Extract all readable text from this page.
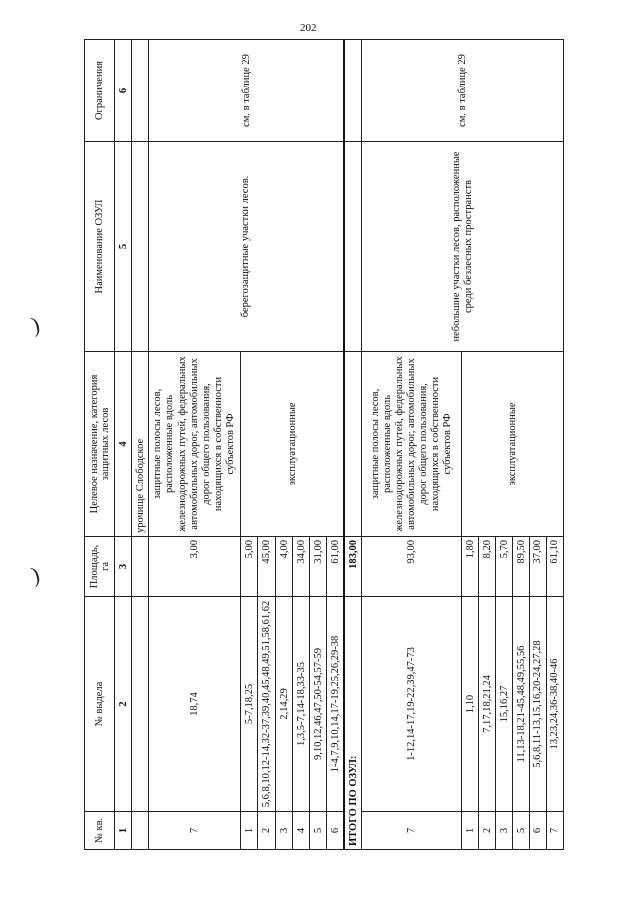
202
)
)
№ кв.	№ выдела	Площадь, га	Целевое назначение, категория защитных лесов	Наименование ОЗУЛ	Ограничения
1	2	3	4	5	6
			урочище Слободское		
7	18,74	3,00	защитные полосы лесов, расположенные вдоль железнодорожных путей, федеральных автомобильных дорог, автомобильных дорог общего пользования, находящихся в собственности субъектов РФ	берегозащитные участки лесов.	см. в таблице 29
1	5-7,18,25	5,00	эксплуатационные		
2	5,6,8,10,12-14,32-37,39,40,45,48,49,51,58,61,62	45,00			
3	2,14,29	4,00			
4	1,3,5-7,14-18,33-35	34,00			
5	9,10,12,46,47,50-54,57-59	31,00			
6	1-4,7,9,10,14,17-19,25,26,29-38	61,00			
ИТОГО ПО ОЗУЛ:		183,00			
7	1-12,14-17,19-22,39,47-73	93,00	защитные полосы лесов, расположенные вдоль железнодорожных путей, федеральных автомобильных дорог, автомобильных дорог общего пользования, находящихся в собственности субъектов РФ	небольшие участки лесов, расположенные среди безлесных пространств	см. в таблице 29
1	1,10	1,80	эксплуатационные		
2	7,17,18,21,24	8,20			
3	15,16,27	5,70			
5	11,13-18,21-45,48,49,55,56	89,50			
6	5,6,8,11-13,15,16,20-24,27,28	37,00			
7	13,23,24,36-38,40-46	61,10			
